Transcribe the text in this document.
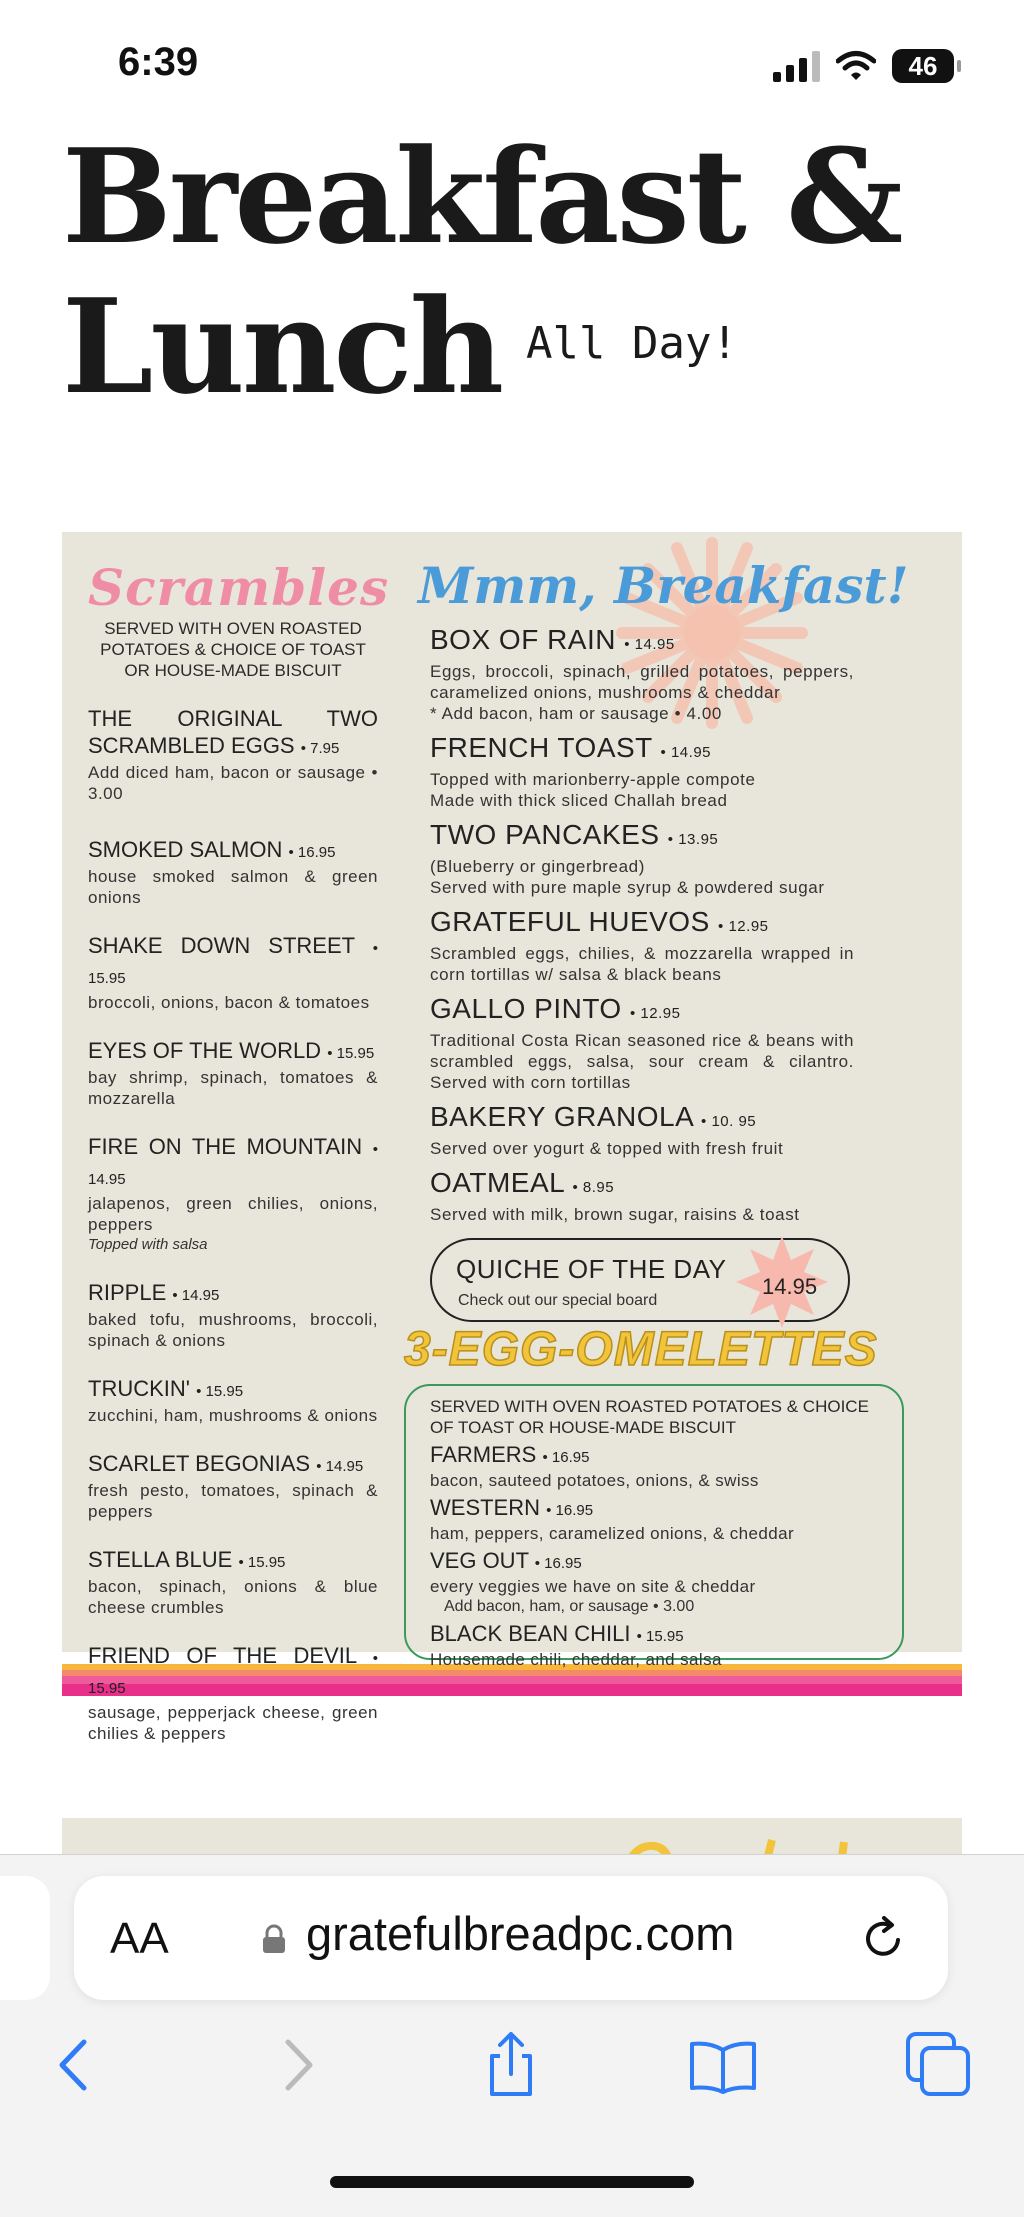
6:39	46
Breakfast &
Lunch All Day!
Scrambles
SERVED WITH OVEN ROASTED POTATOES & CHOICE OF TOAST OR HOUSE-MADE BISCUIT
THE ORIGINAL TWO SCRAMBLED EGGS • 7.95
Add diced ham, bacon or sausage • 3.00
SMOKED SALMON • 16.95
house smoked salmon & green onions
SHAKE DOWN STREET • 15.95
broccoli, onions, bacon & tomatoes
EYES OF THE WORLD • 15.95
bay shrimp, spinach, tomatoes & mozzarella
FIRE ON THE MOUNTAIN • 14.95
jalapenos, green chilies, onions, peppers
Topped with salsa
RIPPLE • 14.95
baked tofu, mushrooms, broccoli, spinach & onions
TRUCKIN' • 15.95
zucchini, ham, mushrooms & onions
SCARLET BEGONIAS • 14.95
fresh pesto, tomatoes, spinach & peppers
STELLA BLUE • 15.95
bacon, spinach, onions & blue cheese crumbles
FRIEND OF THE DEVIL • 15.95
sausage, pepperjack cheese, green chilies & peppers
Mmm, Breakfast!
BOX OF RAIN • 14.95
Eggs, broccoli, spinach, grilled potatoes, peppers, caramelized onions, mushrooms & cheddar
* Add bacon, ham or sausage • 4.00
FRENCH TOAST • 14.95
Topped with marionberry-apple compote
Made with thick sliced Challah bread
TWO PANCAKES • 13.95
(Blueberry or gingerbread)
Served with pure maple syrup & powdered sugar
GRATEFUL HUEVOS • 12.95
Scrambled eggs, chilies, & mozzarella wrapped in corn tortillas w/ salsa & black beans
GALLO PINTO • 12.95
Traditional Costa Rican seasoned rice & beans with scrambled eggs, salsa, sour cream & cilantro. Served with corn tortillas
BAKERY GRANOLA • 10. 95
Served over yogurt & topped with fresh fruit
OATMEAL • 8.95
Served with milk, brown sugar, raisins & toast
QUICHE OF THE DAY
Check out our special board
14.95
3-EGG-OMELETTES
SERVED WITH OVEN ROASTED POTATOES & CHOICE OF TOAST OR HOUSE-MADE BISCUIT
FARMERS • 16.95
bacon, sauteed potatoes, onions, & swiss
WESTERN • 16.95
ham, peppers, caramelized onions, & cheddar
VEG OUT • 16.95
every veggies we have on site & cheddar
Add bacon, ham, or sausage • 3.00
BLACK BEAN CHILI • 15.95
Housemade chili, cheddar, and salsa
AA	gratefulbreadpc.com
